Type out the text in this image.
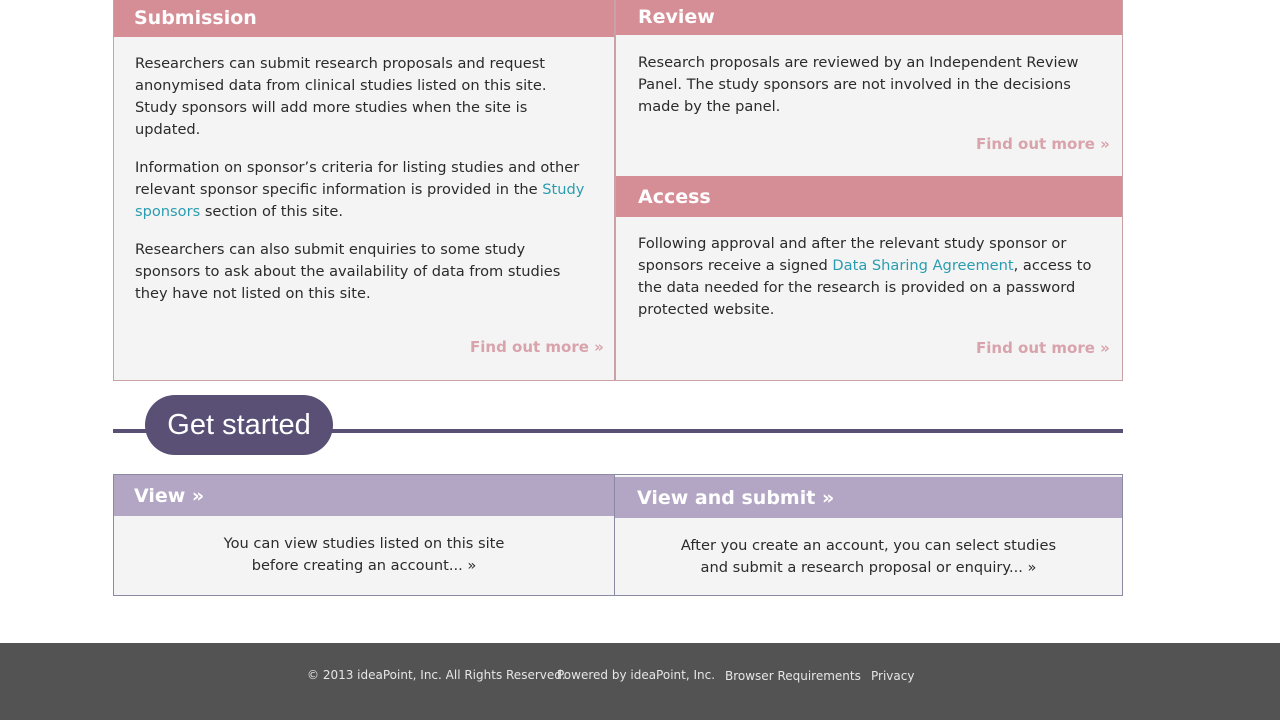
Submission

Researchers can submit research proposals and request anonymised data from clinical studies listed on this site. Study sponsors will add more studies when the site is updated.

Information on sponsor’s criteria for listing studies and other relevant sponsor specific information is provided in the Study sponsors section of this site.

Researchers can also submit enquiries to some study sponsors to ask about the availability of data from studies they have not listed on this site.

Find out more »
Review

Research proposals are reviewed by an Independent Review Panel. The study sponsors are not involved in the decisions made by the panel.

Find out more »
Access

Following approval and after the relevant study sponsor or sponsors receive a signed Data Sharing Agreement, access to the data needed for the research is provided on a password protected website.

Find out more »
Get started
View »
You can view studies listed on this site
before creating an account... »
View and submit »
After you create an account, you can select studies
and submit a research proposal or enquiry... »
© 2013 ideaPoint, Inc. All Rights Reserved.
Powered by ideaPoint, Inc. Browser Requirements Privacy
